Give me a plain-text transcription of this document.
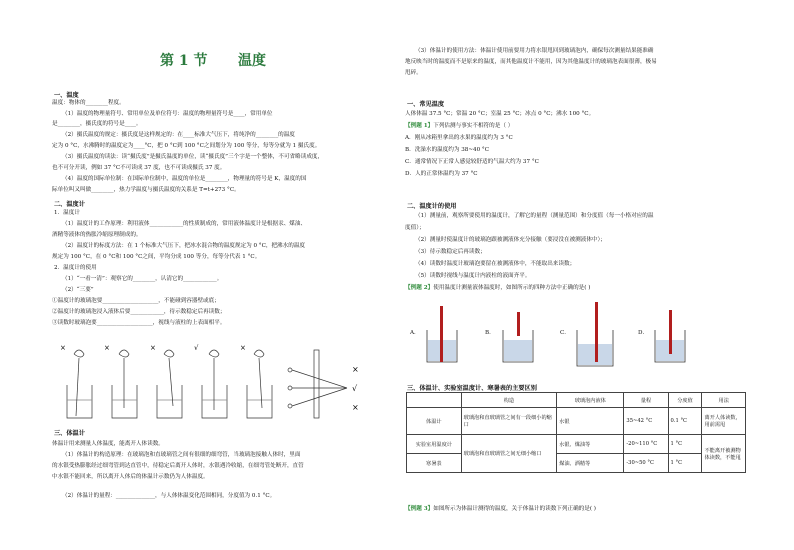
第 1 节 温度
一、温度
温度：物体的________程度。
（1）温度的物理量符号、常用单位及单位符号：温度的物理量符号是____，常用单位
是________，摄氏度的符号是____。
（2）摄氏温度的规定：摄氏度是这样规定的：在____标准大气压下，将纯净的________的温度
定为 0 °C，水沸腾时的温度定为____°C，把 0 °C到 100 °C之间划分为 100 等分，每等分就为 1 摄氏度。
（3）摄氏温度的读法：读“摄氏度”是摄氏温度的单位，读“摄氏度”三个字是一个整体，不可省略读成度，
也不可分开读，例如 37 °C不可读成 37 度，也不可读成摄氏 37 度。
（4）温度的国际单位制：在国际单位制中，温度的单位是________，物理量的符号是 K，温度的国
际单位叫又叫做________，热力学温度与摄氏温度的关系是 T=t+273 °C。
二、温度计
1．温度计
（1）温度计的工作原理：利用液体____________的性质制成的，常用液体温度计是根据汞、煤油、
酒精等液体的热胀冷缩原理制成的。
（2）温度计的标度方法：在 1 个标准大气压下，把冰水混合物的温度规定为 0 °C，把沸水的温度
规定为 100 °C，在 0 °C和 100 °C之间，平均分成 100 等分，每等分代表 1 °C。
2．温度计的使用
（1）“一看一清”：观察它的________，认清它的____________。
（2）“三要”
①温度计的玻璃泡要____________________，不能碰到容器壁或底；
②温度计的玻璃泡浸入液体后要____________，待示数稳定后再读数；
③读数时玻璃泡要____________________，视线与液柱的上表面相平。
×	×	×	√	×
×
√
×
三、体温计
体温计用来测量人体温度，能离开人体读数。
（1）体温计的构造原理：在玻璃泡和直玻璃管之间有很细的细弯管，当玻璃泡接触人体时，里面
的水银受热膨胀经过细弯管到达直管中，待稳定后离开人体时，水银遇冷收缩，在细弯管处断开，直管
中水银不能回来，所以离开人体后的体温计示数仍为人体温度。
（2）体温计的量程：______________，与人体体温变化范围相同，分度值为 0.1 °C。
（3）体温计的使用方法：体温计使用前要用力将水银甩回到玻璃泡内，确保每次测量结果能准确
地反映当时的温度而不是原来的温度，而其他温度计不能用，因为其他温度计的玻璃泡表面很薄，极易
甩碎。
一、常见温度
人体体温 37.5 °C；常温 20 °C；室温 25 °C；冰点 0 °C；沸水 100 °C。
【例题 1】下列估测与事实不相符的是（ ）
A．刚从冰箱里拿出的水果的温度约为 3 °C
B．洗澡水的温度约为 38~40 °C
C．通常情况下正常人感觉较舒适的气温大约为 37 °C
D．人的正常体温约为 37 °C
二、温度计的使用
（1）测量前，观察所要使用的温度计，了解它的量程（测量范围）和分度值（每一小格对应的温
度值）；
（2）测量时使温度计的玻璃泡跟被测液体充分接触（要浸没在被测液体中）；
（3）待示数稳定后再读数；
（4）读数时温度计玻璃泡要留在被测液体中，不能取出来读数；
（5）读数时视线与温度计内液柱的液面齐平。
【例题 2】使用温度计测量液体温度时，如图所示的四种方法中正确的是( )
A．	B．	C．	D．
三、体温计、实验室温度计、寒暑表的主要区别
【例题 3】如图所示为体温计测得的温度，关于体温计的读数下列正确的是( )
	构造	玻璃泡内液体	量程	分度值	用法
体温计	玻璃泡和直玻璃管之间有一段细小的缩口	水银	35~42 °C	0.1 °C	离开人体读数，用前需甩
实验室用温度计	玻璃泡和直玻璃管之间无细小缩口	水银、煤油等	-20~110 °C	1 °C	不能离开被测物体读数，不能甩
寒暑表		煤油、酒精等	-30~50 °C	1 °C	
